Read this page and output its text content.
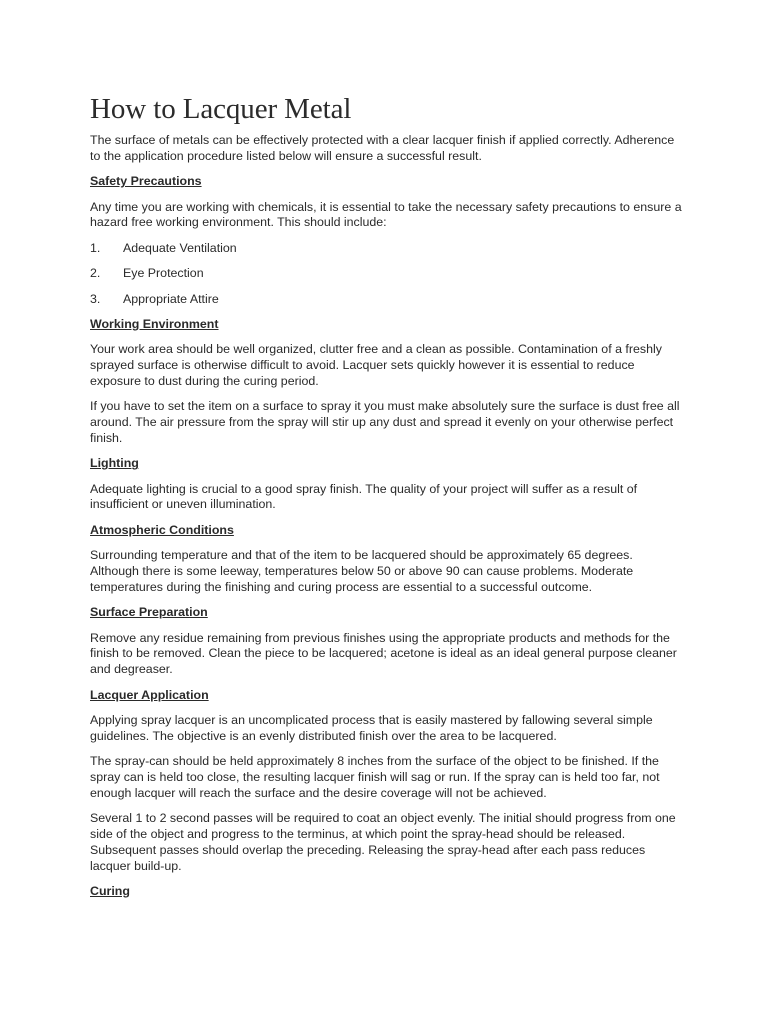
How to Lacquer Metal

The surface of metals can be effectively protected with a clear lacquer finish if applied correctly. Adherence to the application procedure listed below will ensure a successful result.

Safety Precautions

Any time you are working with chemicals, it is essential to take the necessary safety precautions to ensure a hazard free working environment. This should include:

1.	Adequate Ventilation
2.	Eye Protection
3.	Appropriate Attire
Working Environment

Your work area should be well organized, clutter free and a clean as possible. Contamination of a freshly sprayed surface is otherwise difficult to avoid. Lacquer sets quickly however it is essential to reduce exposure to dust during the curing period.

If you have to set the item on a surface to spray it you must make absolutely sure the surface is dust free all around. The air pressure from the spray will stir up any dust and spread it evenly on your otherwise perfect finish.

Lighting

Adequate lighting is crucial to a good spray finish. The quality of your project will suffer as a result of insufficient or uneven illumination.

Atmospheric Conditions

Surrounding temperature and that of the item to be lacquered should be approximately 65 degrees. Although there is some leeway, temperatures below 50 or above 90 can cause problems. Moderate temperatures during the finishing and curing process are essential to a successful outcome.

Surface Preparation

Remove any residue remaining from previous finishes using the appropriate products and methods for the finish to be removed. Clean the piece to be lacquered; acetone is ideal as an ideal general purpose cleaner and degreaser.

Lacquer Application

Applying spray lacquer is an uncomplicated process that is easily mastered by fallowing several simple guidelines. The objective is an evenly distributed finish over the area to be lacquered.

The spray-can should be held approximately 8 inches from the surface of the object to be finished. If the spray can is held too close, the resulting lacquer finish will sag or run. If the spray can is held too far, not enough lacquer will reach the surface and the desire coverage will not be achieved.

Several 1 to 2 second passes will be required to coat an object evenly. The initial should progress from one side of the object and progress to the terminus, at which point the spray-head should be released. Subsequent passes should overlap the preceding. Releasing the spray-head after each pass reduces lacquer build-up.

Curing
